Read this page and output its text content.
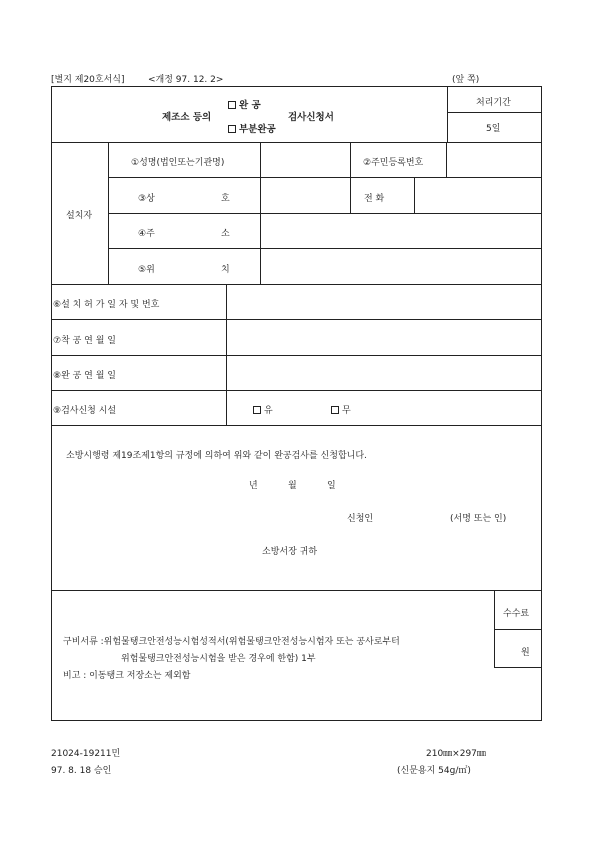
[별지 제20호서식]	<개정 97. 12. 2>	(앞 쪽)
제조소 등의
완 공
부분완공
검사신청서
처리기간
5일
설치자
①성명(법인또는기관명)	②주민등록번호
③상	호	전 화
④주	소
⑤위	치
⑥설 치 허 가 일 자 및 번호
⑦착 공 연 월 일
⑧완 공 연 월 일
⑨검사신청 시설	유	무
소방시행령 제19조제1항의 규정에 의하여 위와 같이 완공검사를 신청합니다.
년	월	일
신청인	(서명 또는 인)
소방서장 귀하
수수료
원
구비서류 :위험물탱크안전성능시험성적서(위험물탱크안전성능시험자 또는 공사로부터
위험물탱크안전성능시험을 받은 경우에 한함) 1부
비고 : 이동탱크 저장소는 제외함
21024-19211민
97. 8. 18 승인
210㎜×297㎜
(신문용지 54g/㎡)
